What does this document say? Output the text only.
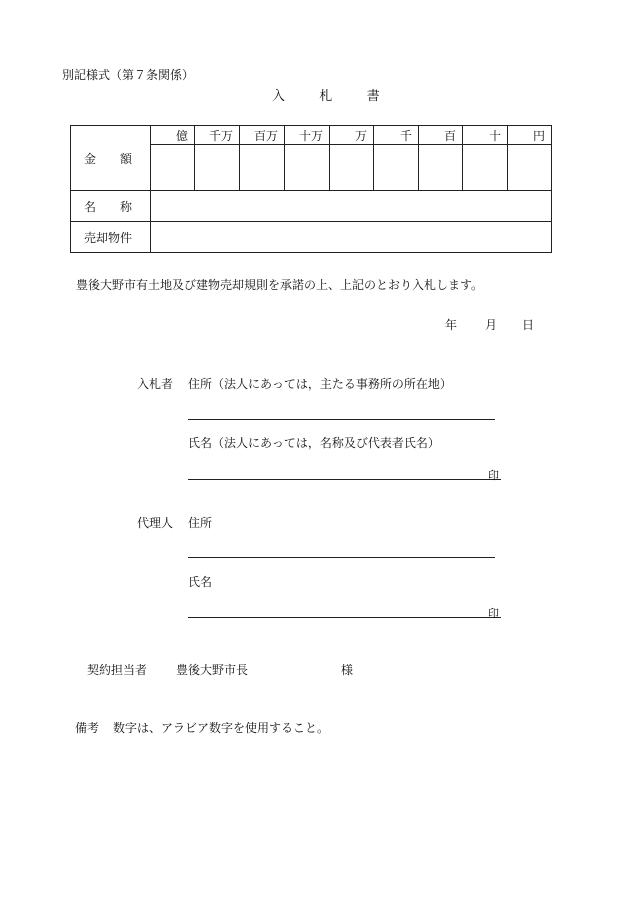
別記様式（第７条関係）
入	札	書
金　　額	億	千万	百万	十万	万	千	百	十	円

名　　称									
売却物件									
豊後大野市有土地及び建物売却規則を承諾の上、上記のとおり入札します。
年 月 日
入札者 住所（法人にあっては，主たる事務所の所在地）
氏名（法人にあっては，名称及び代表者氏名）
印
代理人 住所
氏名
印
契約担当者 豊後大野市長	様
備考 数字は、アラビア数字を使用すること。
